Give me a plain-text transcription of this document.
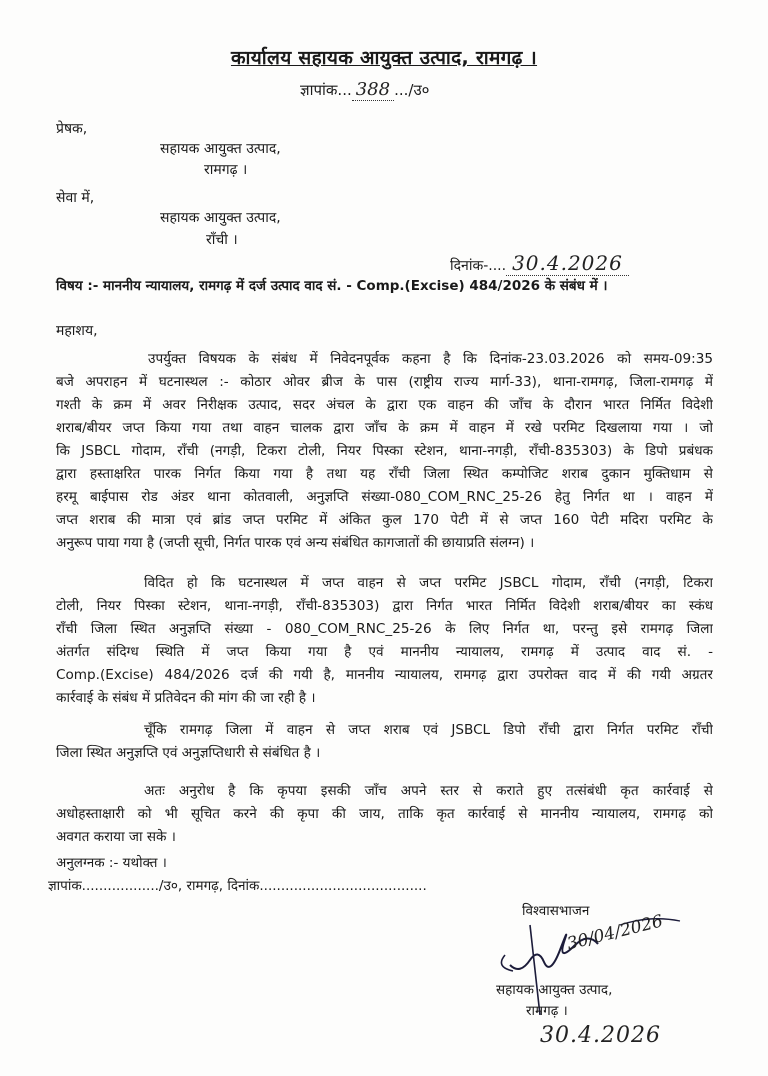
कार्यालय सहायक आयुक्त उत्पाद, रामगढ़ ।
ज्ञापांक... 388 .../उ०
प्रेषक,
सहायक आयुक्त उत्पाद,
रामगढ़ ।
सेवा में,
सहायक आयुक्त उत्पाद,
राँची ।
दिनांक-.... 30.4.2026
विषय :- माननीय न्यायालय, रामगढ़ में दर्ज उत्पाद वाद सं. - Comp.(Excise) 484/2026 के संबंध में ।
महाशय,
उपर्युक्त विषयक के संबंध में निवेदनपूर्वक कहना है कि दिनांक-23.03.2026 को समय-09:35
बजे अपराहन में घटनास्थल :- कोठार ओवर ब्रीज के पास (राष्ट्रीय राज्य मार्ग-33), थाना-रामगढ़, जिला-रामगढ़ में
गश्ती के क्रम में अवर निरीक्षक उत्पाद, सदर अंचल के द्वारा एक वाहन की जाँच के दौरान भारत निर्मित विदेशी
शराब/बीयर जप्त किया गया तथा वाहन चालक द्वारा जाँच के क्रम में वाहन में रखे परमिट दिखलाया गया । जो
कि JSBCL गोदाम, राँची (नगड़ी, टिकरा टोली, नियर पिस्का स्टेशन, थाना-नगड़ी, राँची-835303) के डिपो प्रबंधक
द्वारा हस्ताक्षरित पारक निर्गत किया गया है तथा यह राँची जिला स्थित कम्पोजिट शराब दुकान मुक्तिधाम से
हरमू बाईपास रोड अंडर थाना कोतवाली, अनुज्ञप्ति संख्या-080_COM_RNC_25-26 हेतु निर्गत था । वाहन में
जप्त शराब की मात्रा एवं ब्रांड जप्त परमिट में अंकित कुल 170 पेटी में से जप्त 160 पेटी मदिरा परमिट के
अनुरूप पाया गया है (जप्ती सूची, निर्गत पारक एवं अन्य संबंधित कागजातों की छायाप्रति संलग्न) ।
विदित हो कि घटनास्थल में जप्त वाहन से जप्त परमिट JSBCL गोदाम, राँची (नगड़ी, टिकरा
टोली, नियर पिस्का स्टेशन, थाना-नगड़ी, राँची-835303) द्वारा निर्गत भारत निर्मित विदेशी शराब/बीयर का स्कंध
राँची जिला स्थित अनुज्ञप्ति संख्या - 080_COM_RNC_25-26 के लिए निर्गत था, परन्तु इसे रामगढ़ जिला
अंतर्गत संदिग्ध स्थिति में जप्त किया गया है एवं माननीय न्यायालय, रामगढ़ में उत्पाद वाद सं. -
Comp.(Excise) 484/2026 दर्ज की गयी है, माननीय न्यायालय, रामगढ़ द्वारा उपरोक्त वाद में की गयी अग्रतर
कार्रवाई के संबंध में प्रतिवेदन की मांग की जा रही है ।
चूँकि रामगढ़ जिला में वाहन से जप्त शराब एवं JSBCL डिपो राँची द्वारा निर्गत परमिट राँची
जिला स्थित अनुज्ञप्ति एवं अनुज्ञप्तिधारी से संबंधित है ।
अतः अनुरोध है कि कृपया इसकी जाँच अपने स्तर से कराते हुए तत्संबंधी कृत कार्रवाई से
अधोहस्ताक्षारी को भी सूचित करने की कृपा की जाय, ताकि कृत कार्रवाई से माननीय न्यायालय, रामगढ़ को
अवगत कराया जा सके ।
अनुलग्नक :- यथोक्त ।
ज्ञापांक................../उ०, रामगढ़, दिनांक.......................................
विश्वासभाजन
30/04/2026
सहायक आयुक्त उत्पाद,
रामगढ़ ।
30.4.2026
